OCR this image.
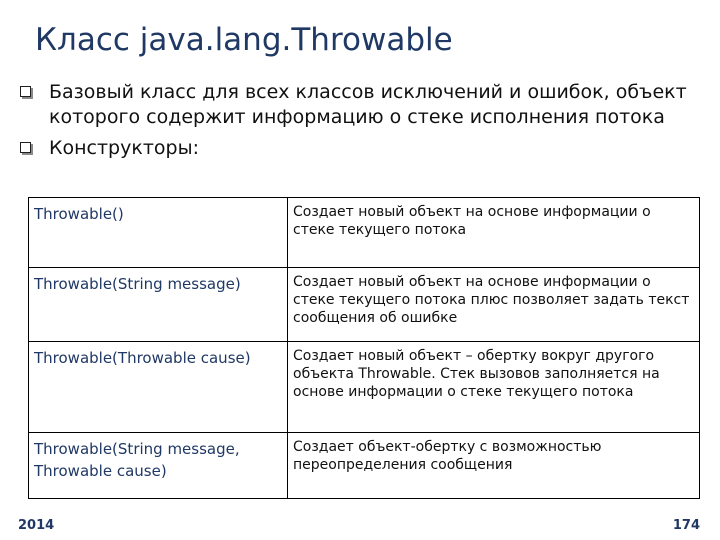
Класс java.lang.Throwable
Базовый класс для всех классов исключений и ошибок, объект которого содержит информацию о стеке исполнения потока
Конструкторы:
Throwable()	Создает новый объект на основе информации о стеке текущего потока
Throwable(String message)	Создает новый объект на основе информации о стеке текущего потока плюс позволяет задать текст сообщения об ошибке
Throwable(Throwable cause)	Создает новый объект – обертку вокруг другого объекта Throwable. Стек вызовов заполняется на основе информации о стеке текущего потока
Throwable(String message, Throwable cause)	Создает объект-обертку с возможностью переопределения сообщения
2014	174
